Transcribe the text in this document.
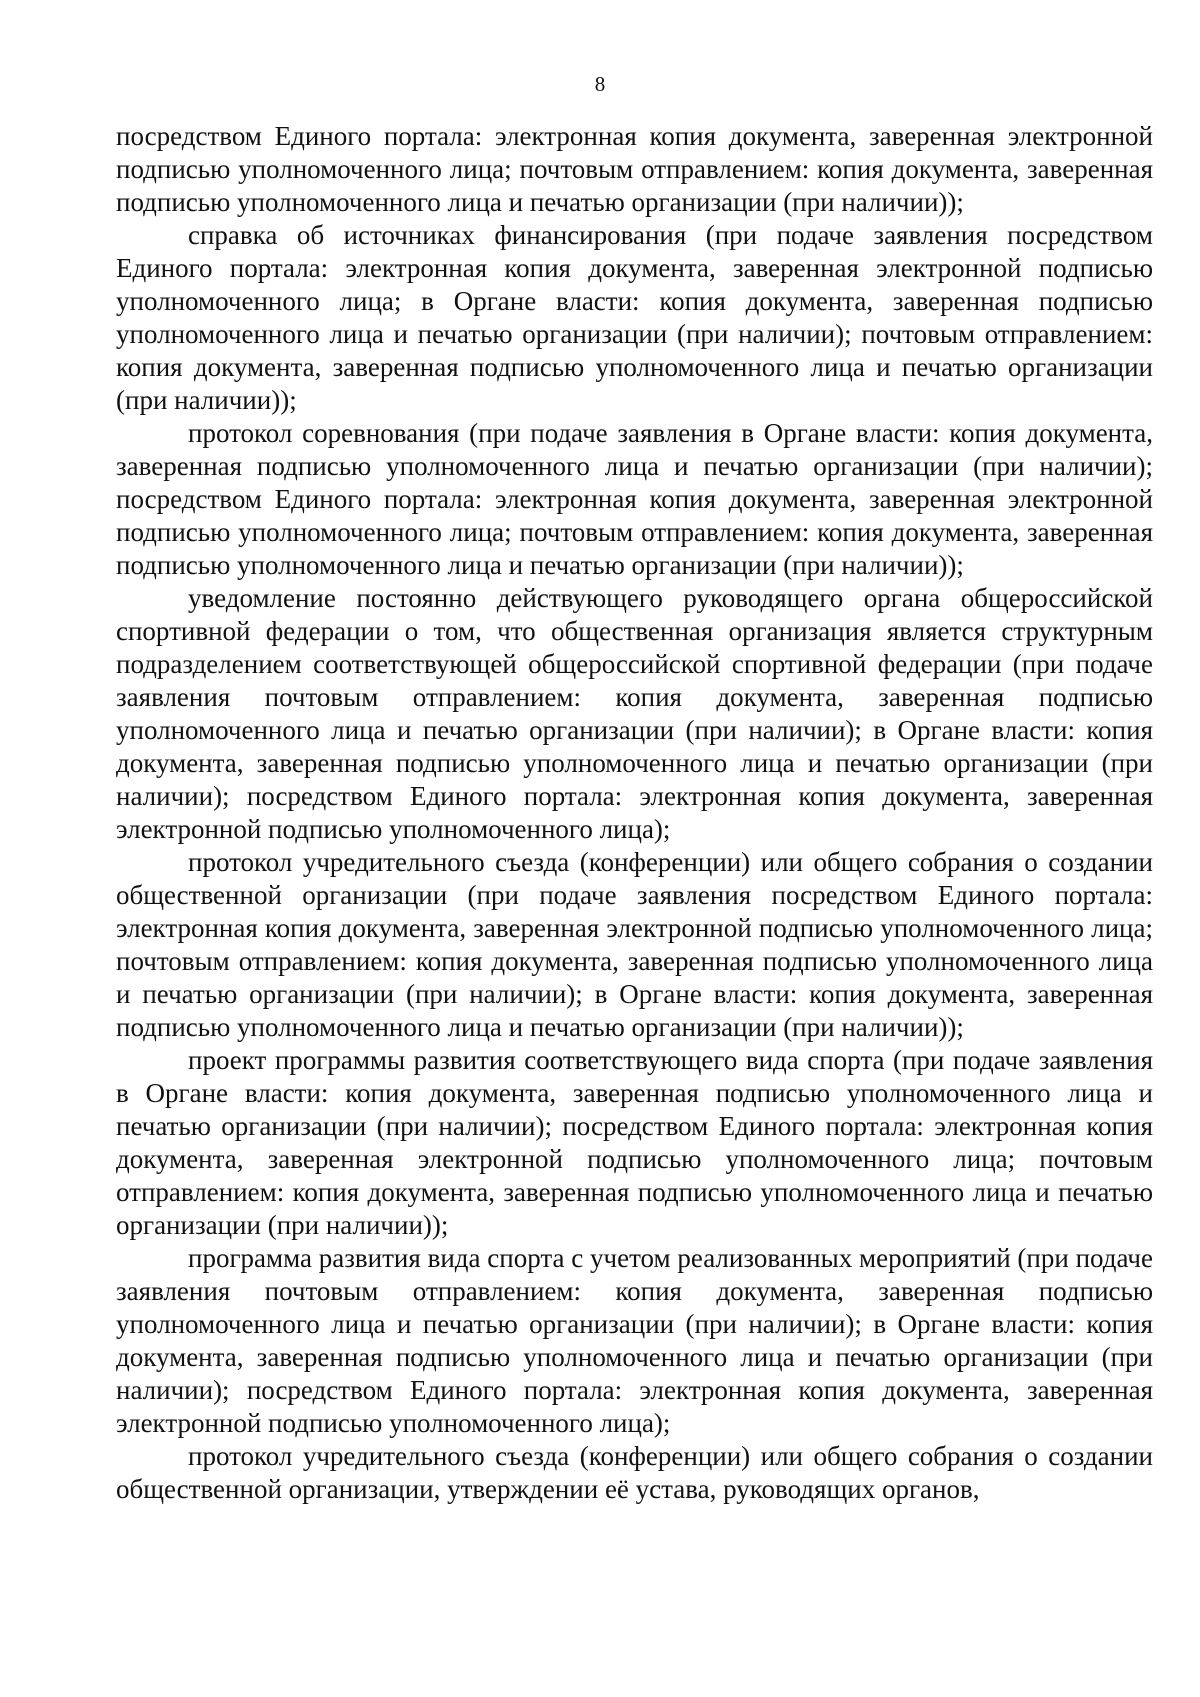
8

посредством Единого портала: электронная копия документа, заверенная электронной подписью уполномоченного лица; почтовым отправлением: копия документа, заверенная подписью уполномоченного лица и печатью организации (при наличии));

справка об источниках финансирования (при подаче заявления посредством Единого портала: электронная копия документа, заверенная электронной подписью уполномоченного лица; в Органе власти: копия документа, заверенная подписью уполномоченного лица и печатью организации (при наличии); почтовым отправлением: копия документа, заверенная подписью уполномоченного лица и печатью организации (при наличии));

протокол соревнования (при подаче заявления в Органе власти: копия документа, заверенная подписью уполномоченного лица и печатью организации (при наличии); посредством Единого портала: электронная копия документа, заверенная электронной подписью уполномоченного лица; почтовым отправлением: копия документа, заверенная подписью уполномоченного лица и печатью организации (при наличии));

уведомление постоянно действующего руководящего органа общероссийской спортивной федерации о том, что общественная организация является структурным подразделением соответствующей общероссийской спортивной федерации (при подаче заявления почтовым отправлением: копия документа, заверенная подписью уполномоченного лица и печатью организации (при наличии); в Органе власти: копия документа, заверенная подписью уполномоченного лица и печатью организации (при наличии); посредством Единого портала: электронная копия документа, заверенная электронной подписью уполномоченного лица);

протокол учредительного съезда (конференции) или общего собрания о создании общественной организации (при подаче заявления посредством Единого портала: электронная копия документа, заверенная электронной подписью уполномоченного лица; почтовым отправлением: копия документа, заверенная подписью уполномоченного лица и печатью организации (при наличии); в Органе власти: копия документа, заверенная подписью уполномоченного лица и печатью организации (при наличии));

проект программы развития соответствующего вида спорта (при подаче заявления в Органе власти: копия документа, заверенная подписью уполномоченного лица и печатью организации (при наличии); посредством Единого портала: электронная копия документа, заверенная электронной подписью уполномоченного лица; почтовым отправлением: копия документа, заверенная подписью уполномоченного лица и печатью организации (при наличии));

программа развития вида спорта с учетом реализованных мероприятий (при подаче заявления почтовым отправлением: копия документа, заверенная подписью уполномоченного лица и печатью организации (при наличии); в Органе власти: копия документа, заверенная подписью уполномоченного лица и печатью организации (при наличии); посредством Единого портала: электронная копия документа, заверенная электронной подписью уполномоченного лица);

протокол учредительного съезда (конференции) или общего собрания о создании общественной организации, утверждении её устава, руководящих органов,
